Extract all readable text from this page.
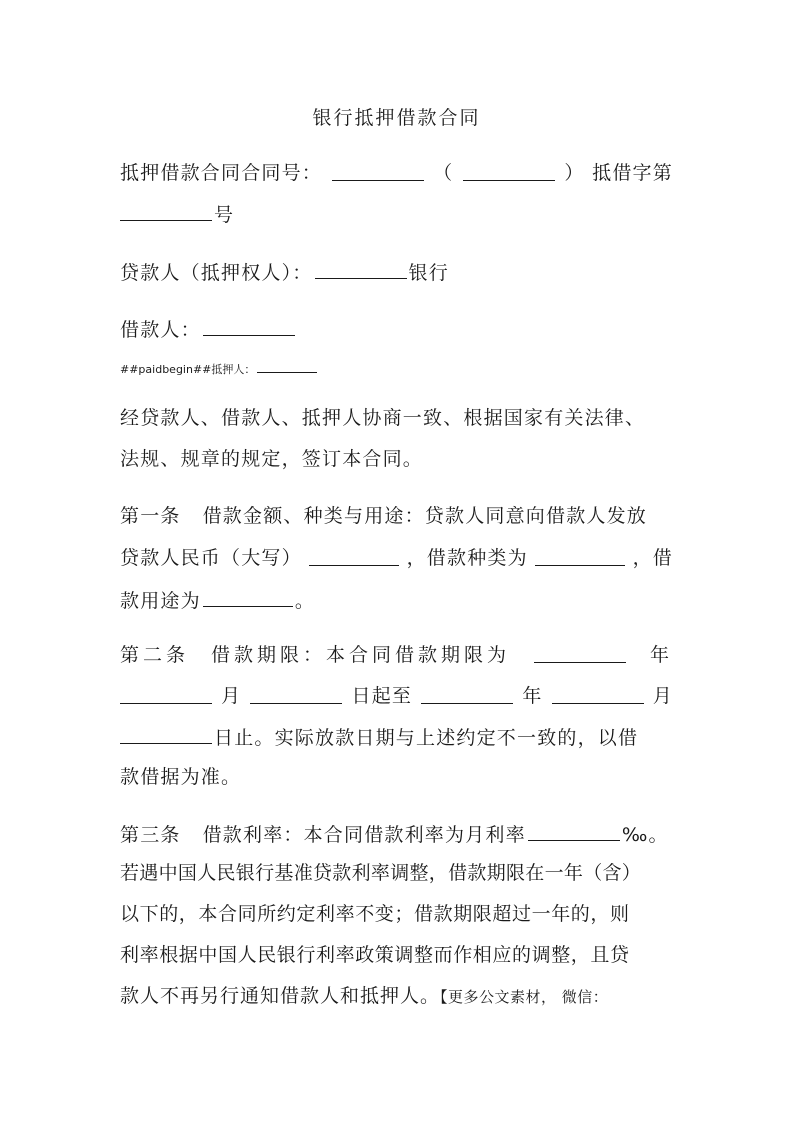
银行抵押借款合同
抵押借款合同合同号：	（	） 抵借字第
号
贷款人（抵押权人）：	银行
借款人：
##paidbegin##抵押人：
经贷款人、借款人、抵押人协商一致、根据国家有关法律、
法规、规章的规定，签订本合同。
第一条 借款金额、种类与用途：贷款人同意向借款人发放
贷款人民币（大写）	，借款种类为	，借
款用途为	。
第二条 借款期限：本合同借款期限为	年
月	日起至	年	月
日止。实际放款日期与上述约定不一致的，以借
款借据为准。
第三条 借款利率：本合同借款利率为月利率	‰。
若遇中国人民银行基准贷款利率调整，借款期限在一年（含）
以下的，本合同所约定利率不变；借款期限超过一年的，则
利率根据中国人民银行利率政策调整而作相应的调整，且贷
款人不再另行通知借款人和抵押人。【更多公文素材， 微信：
